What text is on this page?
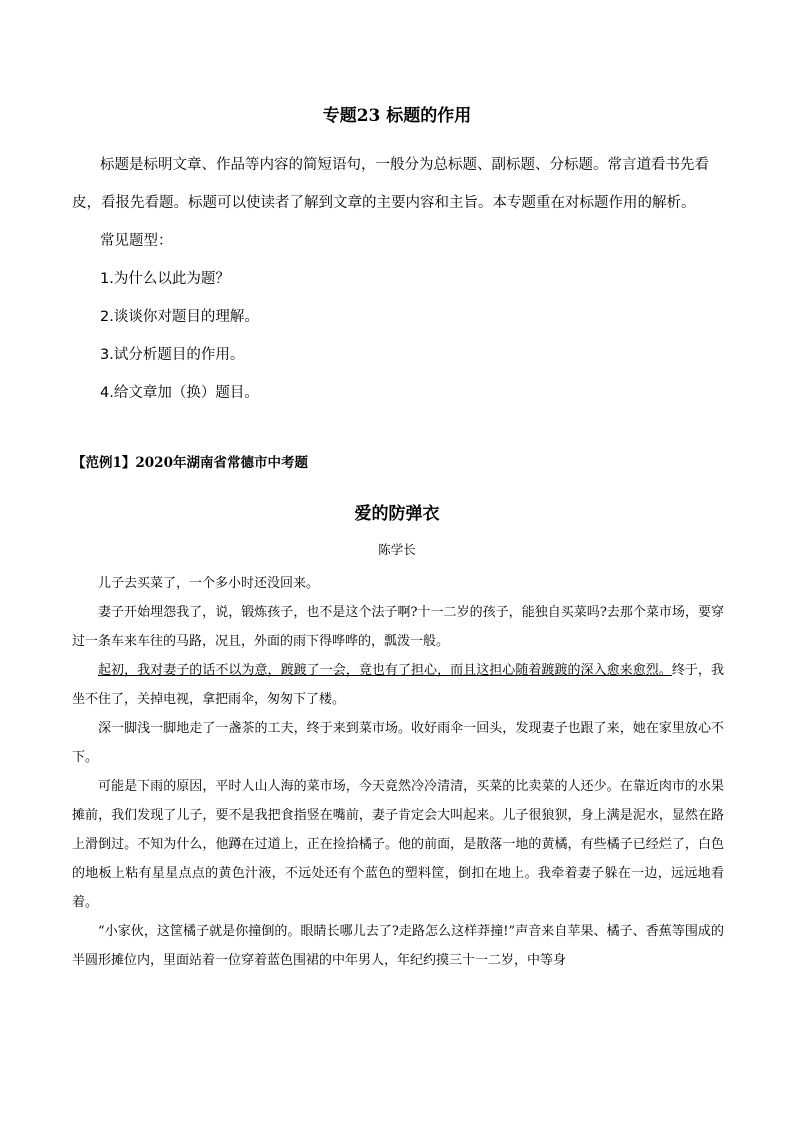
专题23 标题的作用
标题是标明文章、作品等内容的简短语句，一般分为总标题、副标题、分标题。常言道看书先看皮，看报先看题。标题可以使读者了解到文章的主要内容和主旨。本专题重在对标题作用的解析。
常见题型：
1.为什么以此为题？
2.谈谈你对题目的理解。
3.试分析题目的作用。
4.给文章加（换）题目。
【范例1】2020年湖南省常德市中考题
爱的防弹衣
陈学长

儿子去买菜了，一个多小时还没回来。

妻子开始埋怨我了，说，锻炼孩子，也不是这个法子啊?十一二岁的孩子，能独自买菜吗?去那个菜市场，要穿过一条车来车往的马路，况且，外面的雨下得哗哗的，瓢泼一般。

起初，我对妻子的话不以为意，踱踱了一会，竟也有了担心，而且这担心随着踱踱的深入愈来愈烈。终于，我坐不住了，关掉电视，拿把雨伞，匆匆下了楼。

深一脚浅一脚地走了一盏茶的工夫，终于来到菜市场。收好雨伞一回头，发现妻子也跟了来，她在家里放心不下。

可能是下雨的原因，平时人山人海的菜市场，今天竟然冷冷清清，买菜的比卖菜的人还少。在靠近肉市的水果摊前，我们发现了儿子，要不是我把食指竖在嘴前，妻子肯定会大叫起来。儿子很狼狈，身上满是泥水，显然在路上滑倒过。不知为什么，他蹲在过道上，正在捡拾橘子。他的前面，是散落一地的黄橘，有些橘子已经烂了，白色的地板上粘有星星点点的黄色汁液，不远处还有个蓝色的塑料筐，倒扣在地上。我牵着妻子躲在一边，远远地看着。

“小家伙，这筐橘子就是你撞倒的。眼睛长哪儿去了?走路怎么这样莽撞!”声音来自苹果、橘子、香蕉等围成的半圆形摊位内，里面站着一位穿着蓝色围裙的中年男人，年纪约摸三十一二岁，中等身
